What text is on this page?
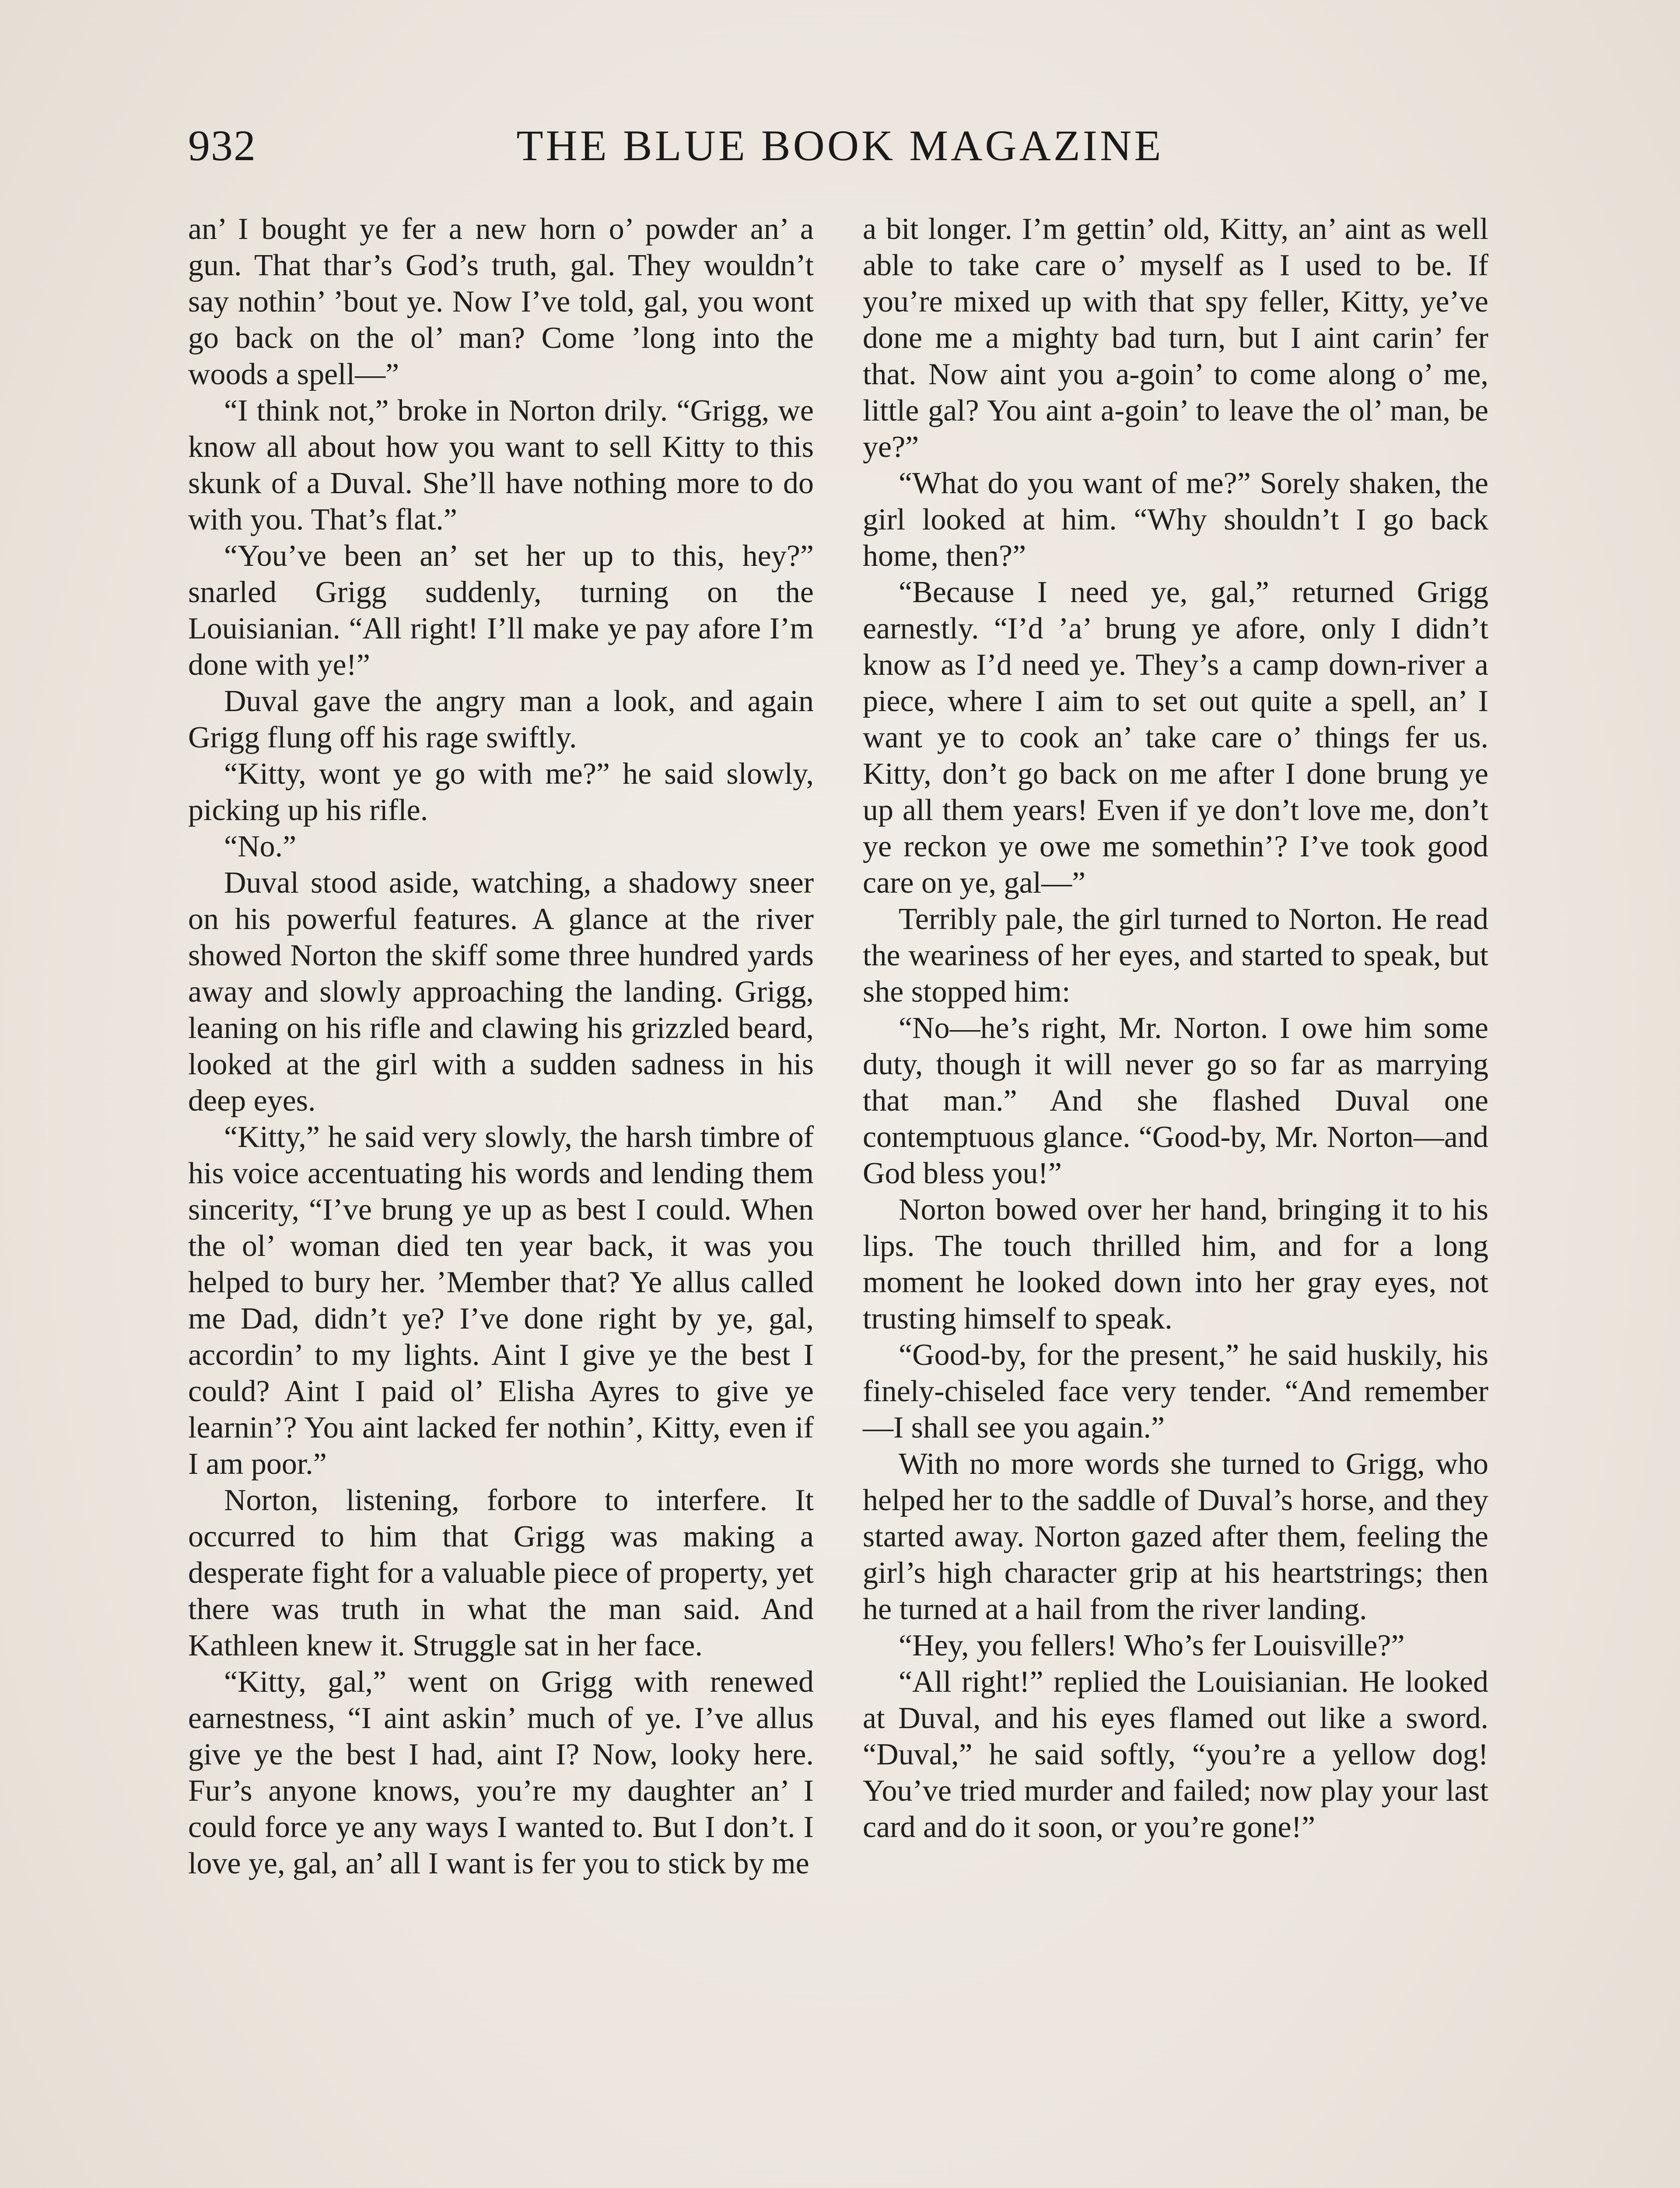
932	THE BLUE BOOK MAGAZINE

an’ I bought ye fer a new horn o’ powder an’ a gun. That thar’s God’s truth, gal. They wouldn’t say nothin’ ’bout ye. Now I’ve told, gal, you wont go back on the ol’ man? Come ’long into the woods a spell—”

“I think not,” broke in Norton drily. “Grigg, we know all about how you want to sell Kitty to this skunk of a Duval. She’ll have nothing more to do with you. That’s flat.”

“You’ve been an’ set her up to this, hey?” snarled Grigg suddenly, turning on the Louisianian. “All right! I’ll make ye pay afore I’m done with ye!”

Duval gave the angry man a look, and again Grigg flung off his rage swiftly.

“Kitty, wont ye go with me?” he said slowly, picking up his rifle.

“No.”

Duval stood aside, watching, a shadowy sneer on his powerful features. A glance at the river showed Norton the skiff some three hundred yards away and slowly approaching the landing. Grigg, leaning on his rifle and clawing his grizzled beard, looked at the girl with a sudden sadness in his deep eyes.

“Kitty,” he said very slowly, the harsh timbre of his voice accentuating his words and lending them sincerity, “I’ve brung ye up as best I could. When the ol’ woman died ten year back, it was you helped to bury her. ’Member that? Ye allus called me Dad, didn’t ye? I’ve done right by ye, gal, accordin’ to my lights. Aint I give ye the best I could? Aint I paid ol’ Elisha Ayres to give ye learnin’? You aint lacked fer nothin’, Kitty, even if I am poor.”

Norton, listening, forbore to interfere. It occurred to him that Grigg was making a desperate fight for a valuable piece of property, yet there was truth in what the man said. And Kathleen knew it. Struggle sat in her face.

“Kitty, gal,” went on Grigg with renewed earnestness, “I aint askin’ much of ye. I’ve allus give ye the best I had, aint I? Now, looky here. Fur’s anyone knows, you’re my daughter an’ I could force ye any ways I wanted to. But I don’t. I love ye, gal, an’ all I want is fer you to stick by me

a bit longer. I’m gettin’ old, Kitty, an’ aint as well able to take care o’ myself as I used to be. If you’re mixed up with that spy feller, Kitty, ye’ve done me a mighty bad turn, but I aint carin’ fer that. Now aint you a-goin’ to come along o’ me, little gal? You aint a-goin’ to leave the ol’ man, be ye?”

“What do you want of me?” Sorely shaken, the girl looked at him. “Why shouldn’t I go back home, then?”

“Because I need ye, gal,” returned Grigg earnestly. “I’d ’a’ brung ye afore, only I didn’t know as I’d need ye. They’s a camp down-river a piece, where I aim to set out quite a spell, an’ I want ye to cook an’ take care o’ things fer us. Kitty, don’t go back on me after I done brung ye up all them years! Even if ye don’t love me, don’t ye reckon ye owe me somethin’? I’ve took good care on ye, gal—”

Terribly pale, the girl turned to Norton. He read the weariness of her eyes, and started to speak, but she stopped him:

“No—he’s right, Mr. Norton. I owe him some duty, though it will never go so far as marrying that man.” And she flashed Duval one contemptuous glance. “Good-by, Mr. Norton—and God bless you!”

Norton bowed over her hand, bringing it to his lips. The touch thrilled him, and for a long moment he looked down into her gray eyes, not trusting himself to speak.

“Good-by, for the present,” he said huskily, his finely-chiseled face very tender. “And remember—I shall see you again.”

With no more words she turned to Grigg, who helped her to the saddle of Duval’s horse, and they started away. Norton gazed after them, feeling the girl’s high character grip at his heartstrings; then he turned at a hail from the river landing.

“Hey, you fellers! Who’s fer Louisville?”

“All right!” replied the Louisianian. He looked at Duval, and his eyes flamed out like a sword. “Duval,” he said softly, “you’re a yellow dog! You’ve tried murder and failed; now play your last card and do it soon, or you’re gone!”
